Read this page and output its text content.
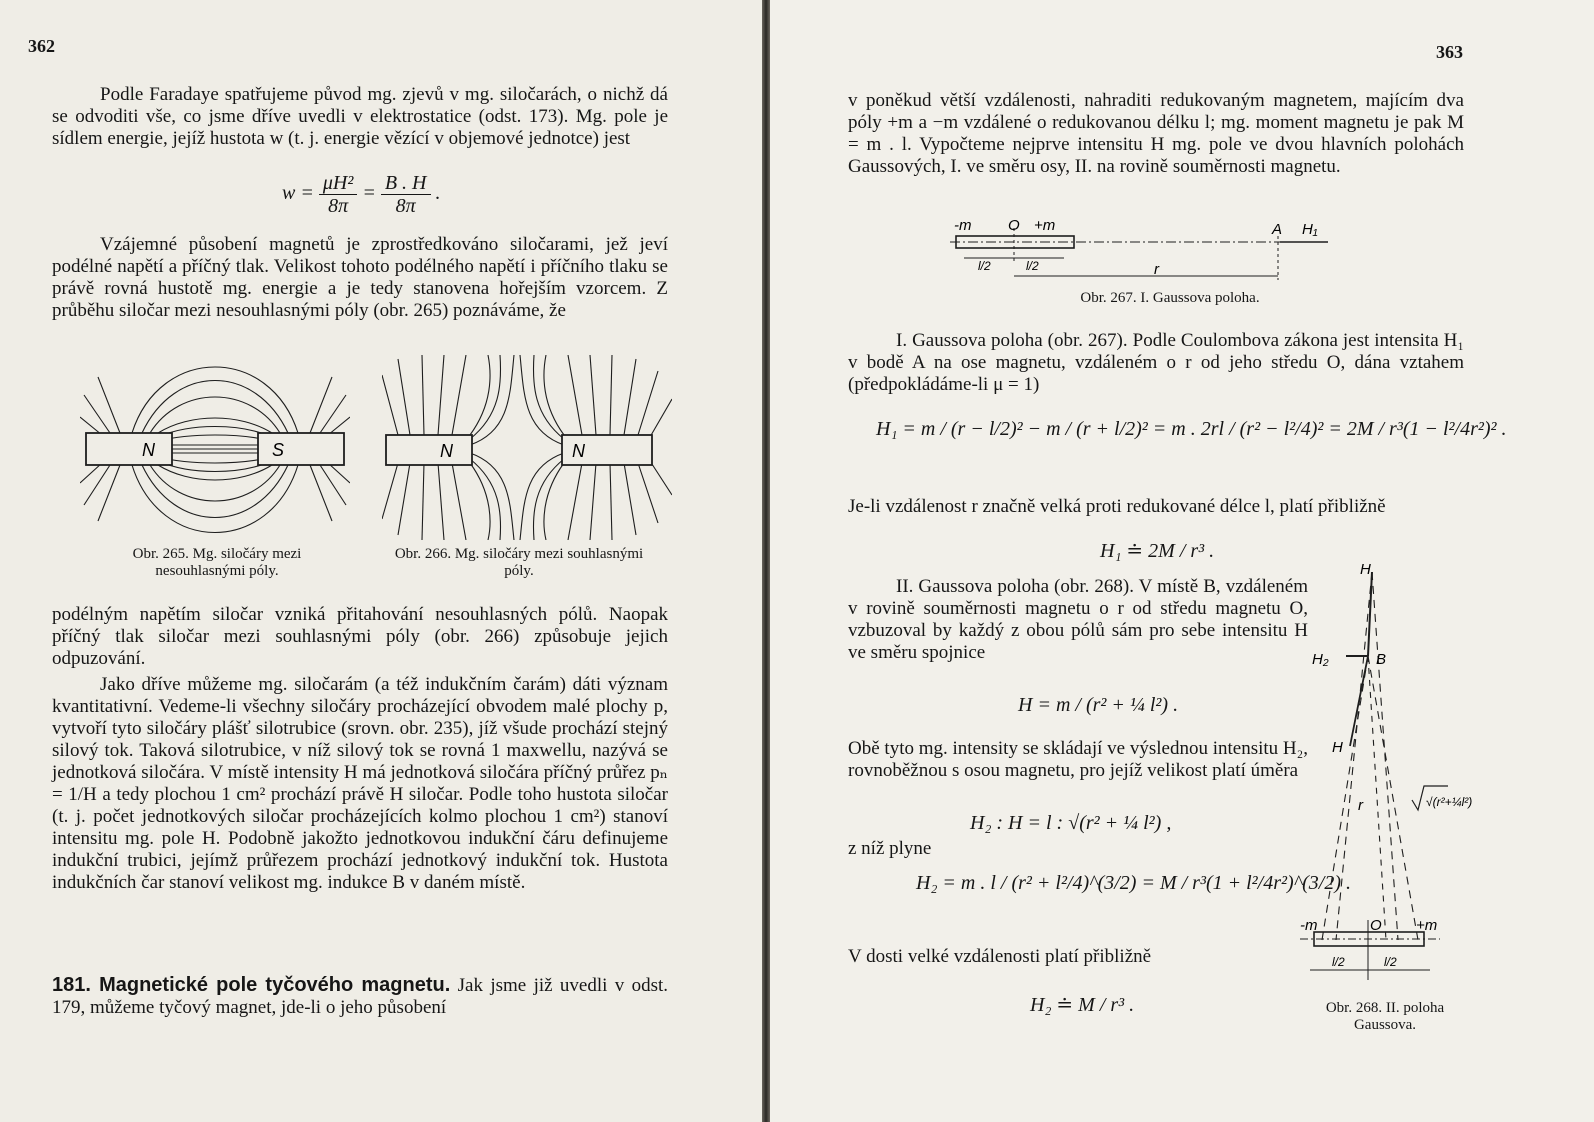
362

Podle Faradaye spatřujeme původ mg. zjevů v mg. siločarách, o nichž dá se odvoditi vše, co jsme dříve uvedli v elektrostatice (odst. 173). Mg. pole je sídlem energie, jejíž hustota w (t. j. energie vězící v objemové jednotce) jest

$w = \frac{\text{μH²}}{8\pi} = \frac{B . H}{8\pi}$ .

Vzájemné působení magnetů je zprostředkováno siločarami, jež jeví podélné napětí a příčný tlak. Velikost tohoto podélného napětí i příčního tlaku se právě rovná hustotě mg. energie a je tedy stanovena hořejším vzorcem. Z průběhu siločar mezi nesouhlasnými póly (obr. 265) poznáváme, že

N	S
Obr. 265. Mg. siločáry mezi nesouhlasnými póly.
N	N
Obr. 266. Mg. siločáry mezi souhlasnými póly.

podélným napětím siločar vzniká přitahování nesouhlasných pólů. Naopak příčný tlak siločar mezi souhlasnými póly (obr. 266) způsobuje jejich odpuzování.

Jako dříve můžeme mg. siločarám (a též indukčním čarám) dáti význam kvantitativní. Vedeme-li všechny siločáry procházející obvodem malé plochy p, vytvoří tyto siločáry plášť silotrubice (srovn. obr. 235), jíž všude prochází stejný silový tok. Taková silotrubice, v níž silový tok se rovná 1 maxwellu, nazývá se jednotková siločára. V místě intensity H má jednotková siločára příčný průřez pₙ = 1/H a tedy plochou 1 cm² prochází právě H siločar. Podle toho hustota siločar (t. j. počet jednotkových siločar procházejících kolmo plochou 1 cm²) stanoví intensitu mg. pole H. Podobně jakožto jednotkovou indukční čáru definujeme indukční trubici, jejímž průřezem prochází jednotkový indukční tok. Hustota indukčních čar stanoví velikost mg. indukce B v daném místě.

181. Magnetické pole tyčového magnetu. Jak jsme již uvedli v odst. 179, můžeme tyčový magnet, jde-li o jeho působení

363

v poněkud větší vzdálenosti, nahraditi redukovaným magnetem, majícím dva póly +m a −m vzdálené o redukovanou délku l; mg. moment magnetu je pak M = m . l. Vypočteme nejprve intensitu H mg. pole ve dvou hlavních polohách Gaussových, I. ve směru osy, II. na rovině souměrnosti magnetu.

-m O +m	A H₁
l/2	l/2	r
Obr. 267. I. Gaussova poloha.

I. Gaussova poloha (obr. 267). Podle Coulombova zákona jest intensita H₁ v bodě A na ose magnetu, vzdáleném o r od jeho středu O, dána vztahem (předpokládáme-li μ = 1)

H₁ = m / (r − l/2)² − m / (r + l/2)² = m . 2rl / (r² − l²/4)² = 2M / r³(1 − l²/4r²)² .

Je-li vzdálenost r značně velká proti redukované délce l, platí přibližně

H₁ ≐ 2M / r³ .

II. Gaussova poloha (obr. 268). V místě B, vzdáleném v rovině souměrnosti magnetu o r od středu magnetu O, vzbuzoval by každý z obou pólů sám pro sebe intensitu H ve směru spojnice

H = m / (r² + ¼ l²) .

Obě tyto mg. intensity se skládají ve výslednou intensitu H₂, rovnoběžnou s osou magnetu, pro jejíž velikost platí úměra

H₂ : H = l : √(r² + ¼ l²) ,

z níž plyne

H₂ = m . l / (r² + l²/4)^(3/2) = M / r³(1 + l²/4r²)^(3/2) .

V dosti velké vzdálenosti platí přibližně

H₂ ≐ M / r³ .
H
H₂	B
H
r	√(r²+¼l²)
-m	O +m
l/2	l/2
Obr. 268. II. poloha Gaussova.
